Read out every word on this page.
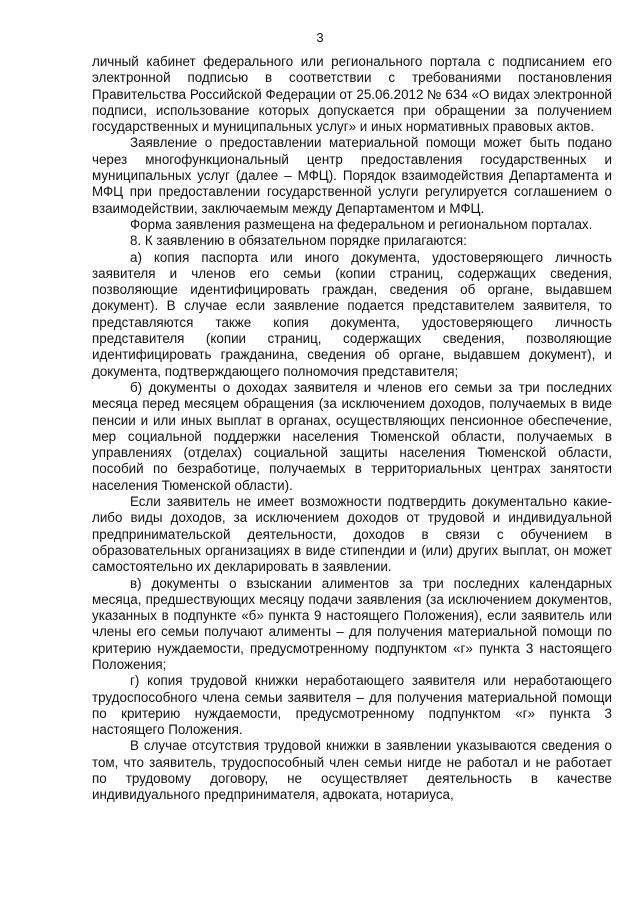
3

личный кабинет федерального или регионального портала с подписанием его электронной подписью в соответствии с требованиями постановления Правительства Российской Федерации от 25.06.2012 № 634 «О видах электронной подписи, использование которых допускается при обращении за получением государственных и муниципальных услуг» и иных нормативных правовых актов.

Заявление о предоставлении материальной помощи может быть подано через многофункциональный центр предоставления государственных и муниципальных услуг (далее – МФЦ). Порядок взаимодействия Департамента и МФЦ при предоставлении государственной услуги регулируется соглашением о взаимодействии, заключаемым между Департаментом и МФЦ.

Форма заявления размещена на федеральном и региональном порталах.

8. К заявлению в обязательном порядке прилагаются:

а) копия паспорта или иного документа, удостоверяющего личность заявителя и членов его семьи (копии страниц, содержащих сведения, позволяющие идентифицировать граждан, сведения об органе, выдавшем документ). В случае если заявление подается представителем заявителя, то представляются также копия документа, удостоверяющего личность представителя (копии страниц, содержащих сведения, позволяющие идентифицировать гражданина, сведения об органе, выдавшем документ), и документа, подтверждающего полномочия представителя;

б) документы о доходах заявителя и членов его семьи за три последних месяца перед месяцем обращения (за исключением доходов, получаемых в виде пенсии и или иных выплат в органах, осуществляющих пенсионное обеспечение, мер социальной поддержки населения Тюменской области, получаемых в управлениях (отделах) социальной защиты населения Тюменской области, пособий по безработице, получаемых в территориальных центрах занятости населения Тюменской области).

Если заявитель не имеет возможности подтвердить документально какие-либо виды доходов, за исключением доходов от трудовой и индивидуальной предпринимательской деятельности, доходов в связи с обучением в образовательных организациях в виде стипендии и (или) других выплат, он может самостоятельно их декларировать в заявлении.

в) документы о взыскании алиментов за три последних календарных месяца, предшествующих месяцу подачи заявления (за исключением документов, указанных в подпункте «б» пункта 9 настоящего Положения), если заявитель или члены его семьи получают алименты – для получения материальной помощи по критерию нуждаемости, предусмотренному подпунктом «г» пункта 3 настоящего Положения;

г) копия трудовой книжки неработающего заявителя или неработающего трудоспособного члена семьи заявителя – для получения материальной помощи по критерию нуждаемости, предусмотренному подпунктом «г» пункта 3 настоящего Положения.

В случае отсутствия трудовой книжки в заявлении указываются сведения о том, что заявитель, трудоспособный член семьи нигде не работал и не работает по трудовому договору, не осуществляет деятельность в качестве индивидуального предпринимателя, адвоката, нотариуса,
